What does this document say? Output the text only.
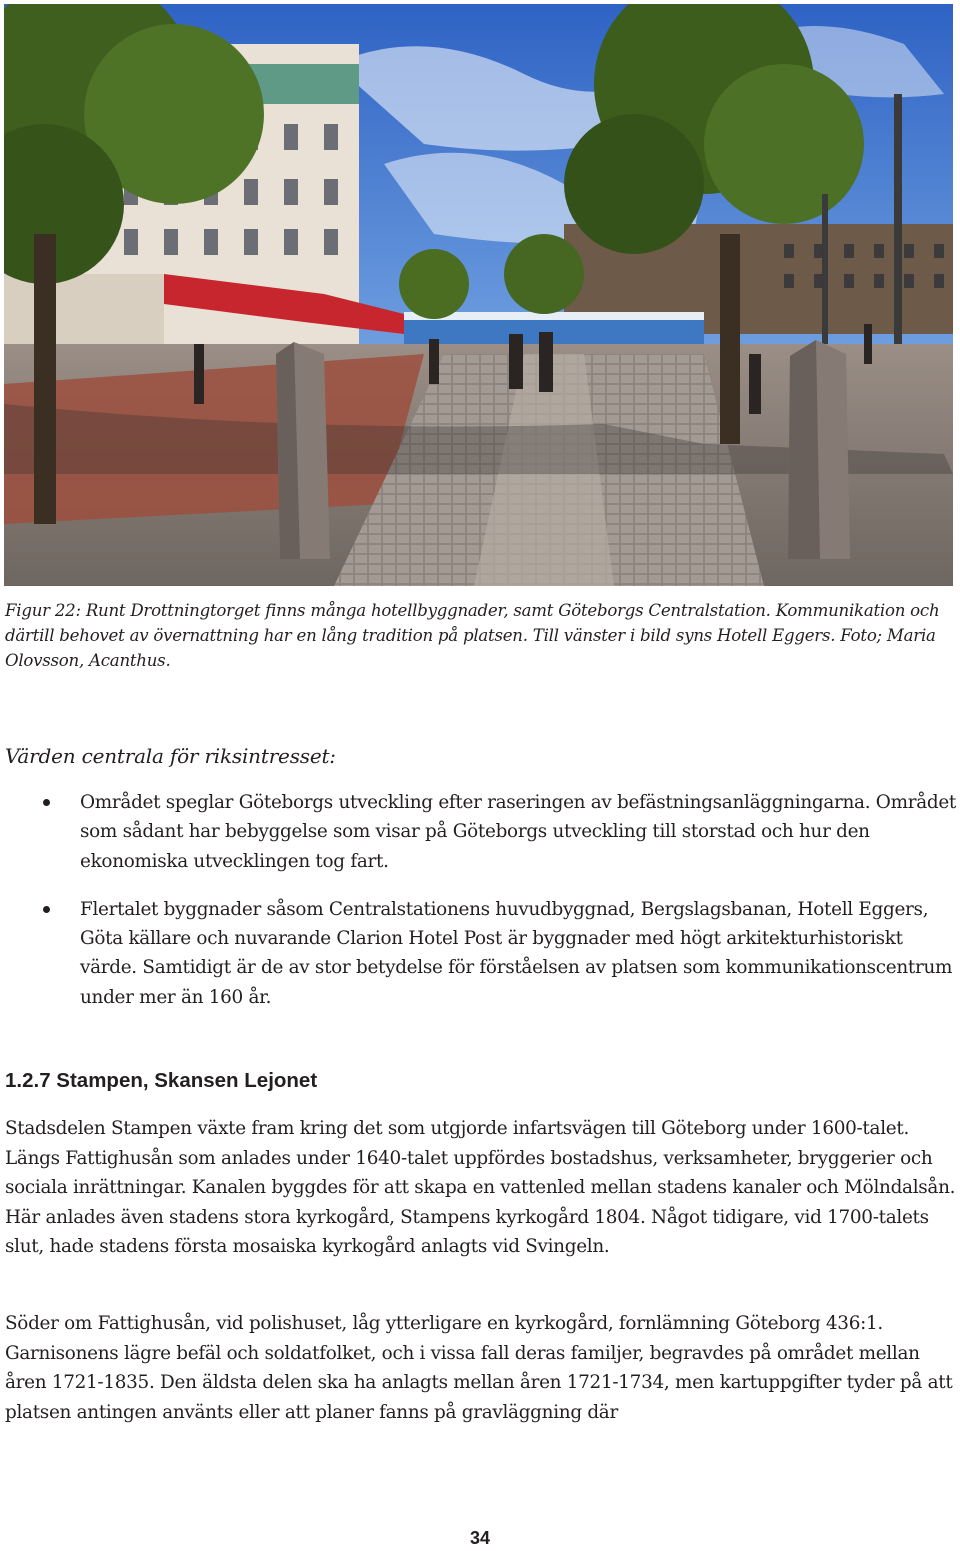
Figur 22: Runt Drottningtorget finns många hotellbyggnader, samt Göteborgs Centralstation. Kommunikation och därtill behovet av övernattning har en lång tradition på platsen. Till vänster i bild syns Hotell Eggers. Foto; Maria Olovsson, Acanthus.
Värden centrala för riksintresset:
Området speglar Göteborgs utveckling efter raseringen av befästningsanläggningarna. Området som sådant har bebyggelse som visar på Göteborgs utveckling till storstad och hur den ekonomiska utvecklingen tog fart.
Flertalet byggnader såsom Centralstationens huvudbyggnad, Bergslagsbanan, Hotell Eggers, Göta källare och nuvarande Clarion Hotel Post är byggnader med högt arkitekturhistoriskt värde. Samtidigt är de av stor betydelse för förståelsen av platsen som kommunikationscentrum under mer än 160 år.
1.2.7 Stampen, Skansen Lejonet

Stadsdelen Stampen växte fram kring det som utgjorde infartsvägen till Göteborg under 1600-talet. Längs Fattighusån som anlades under 1640-talet uppfördes bostadshus, verksamheter, bryggerier och sociala inrättningar. Kanalen byggdes för att skapa en vattenled mellan stadens kanaler och Mölndalsån. Här anlades även stadens stora kyrkogård, Stampens kyrkogård 1804. Något tidigare, vid 1700-talets slut, hade stadens första mosaiska kyrkogård anlagts vid Svingeln.

Söder om Fattighusån, vid polishuset, låg ytterligare en kyrkogård, fornlämning Göteborg 436:1. Garnisonens lägre befäl och soldatfolket, och i vissa fall deras familjer, begravdes på området mellan åren 1721-1835. Den äldsta delen ska ha anlagts mellan åren 1721-1734, men kartuppgifter tyder på att platsen antingen använts eller att planer fanns på gravläggning där

34
